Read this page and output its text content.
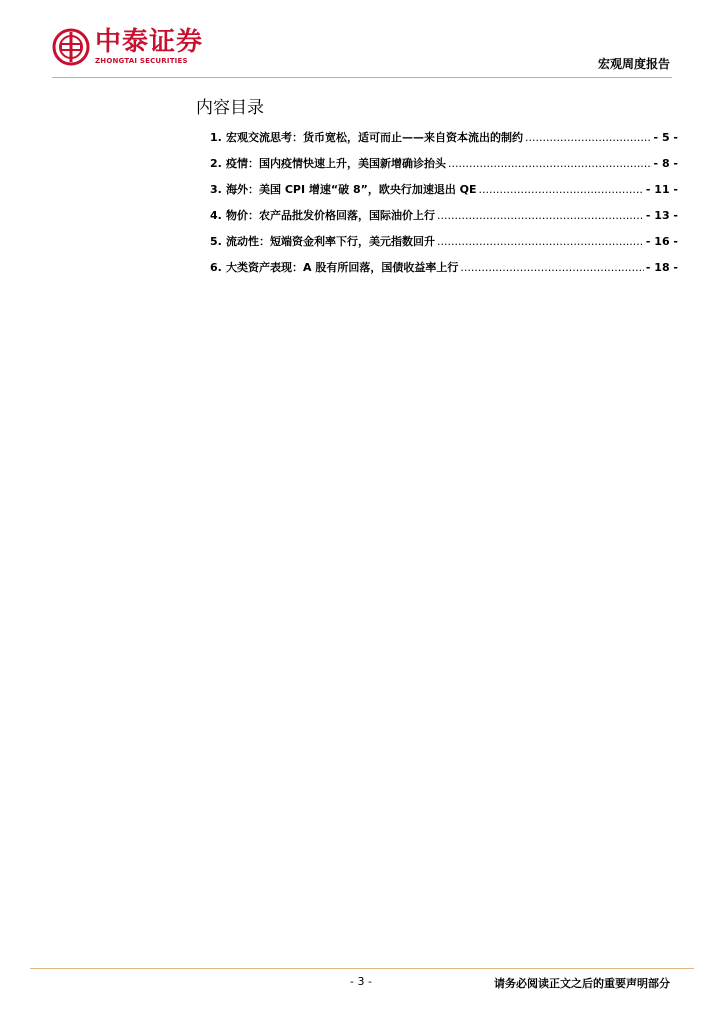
中泰证券
ZHONGTAI SECURITIES	宏观周度报告
内容目录
1. 宏观交流思考：货币宽松，适可而止——来自资本流出的制约 .....	- 5 -
2. 疫情：国内疫情快速上升，美国新增确诊抬头 .....	- 8 -
3. 海外：美国 CPI 增速“破 8”，欧央行加速退出 QE .....	- 11 -
4. 物价：农产品批发价格回落，国际油价上行 .....	- 13 -
5. 流动性：短端资金利率下行，美元指数回升 .....	- 16 -
6. 大类资产表现：A 股有所回落，国债收益率上行 .....	- 18 -
- 3 -	请务必阅读正文之后的重要声明部分
